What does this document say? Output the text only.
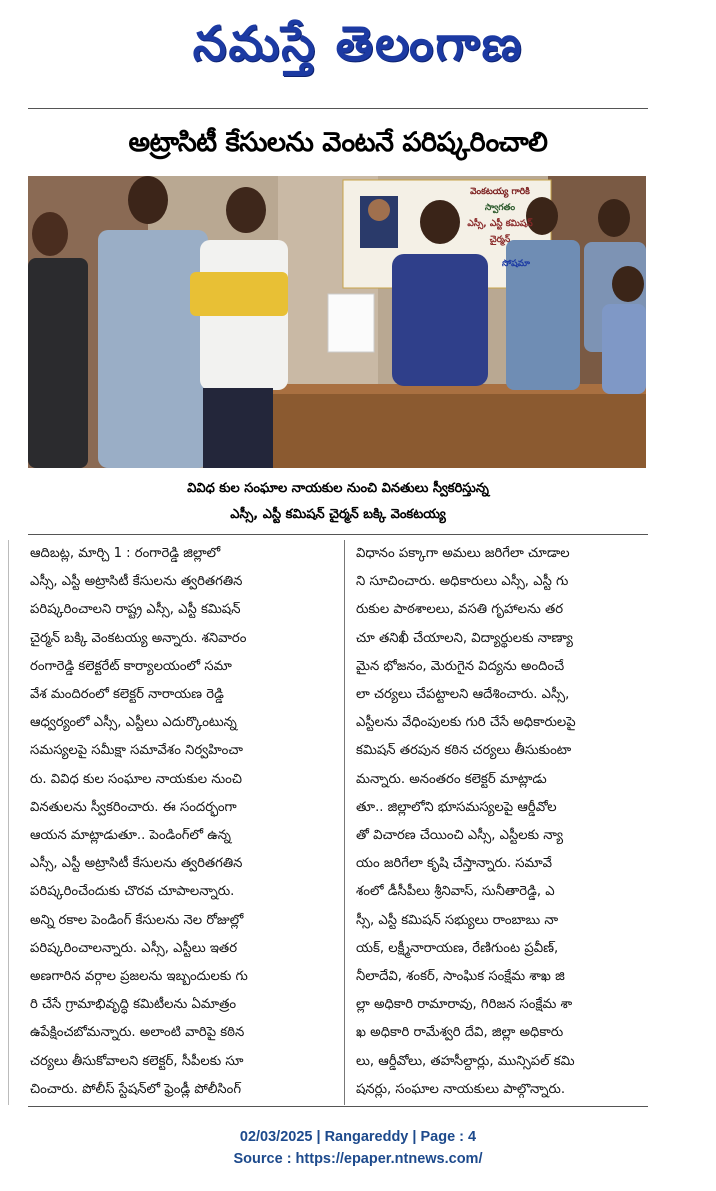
నమస్తే తెలంగాణ
అట్రాసిటీ కేసులను వెంటనే పరిష్కరించాలి
వెంకటయ్య గారికి
స్వాగతం
ఎస్సీ, ఎస్టీ కమిషన్
చైర్మన్
సోషమా
వివిధ కుల సంఘాల నాయకుల నుంచి వినతులు స్వీకరిస్తున్న
ఎస్సీ, ఎస్టీ కమిషన్ చైర్మన్ బక్కి వెంకటయ్య
ఆదిబట్ల, మార్చి 1 : రంగారెడ్డి జిల్లాలో
ఎస్సీ, ఎస్టీ అట్రాసిటీ కేసులను త్వరితగతిన
పరిష్కరించాలని రాష్ట్ర ఎస్సీ, ఎస్టీ కమిషన్
చైర్మన్ బక్కి వెంకటయ్య అన్నారు. శనివారం
రంగారెడ్డి కలెక్టరేట్ కార్యాలయంలో సమా
వేశ మందిరంలో కలెక్టర్ నారాయణ రెడ్డి
ఆధ్వర్యంలో ఎస్సీ, ఎస్టీలు ఎదుర్కొంటున్న
సమస్యలపై సమీక్షా సమావేశం నిర్వహించా
రు. వివిధ కుల సంఘాల నాయకుల నుంచి
వినతులను స్వీకరించారు. ఈ సందర్భంగా
ఆయన మాట్లాడుతూ.. పెండింగ్‌లో ఉన్న
ఎస్సీ, ఎస్టీ అట్రాసిటీ కేసులను త్వరితగతిన
పరిష్కరించేందుకు చొరవ చూపాలన్నారు.
అన్ని రకాల పెండింగ్ కేసులను నెల రోజుల్లో
పరిష్కరించాలన్నారు. ఎస్సీ, ఎస్టీలు ఇతర
అణగారిన వర్గాల ప్రజలను ఇబ్బందులకు గు
రి చేసే గ్రామాభివృద్ధి కమిటీలను ఏమాత్రం
ఉపేక్షించబోమన్నారు. అలాంటి వారిపై కఠిన
చర్యలు తీసుకోవాలని కలెక్టర్, సీపీలకు సూ
చించారు. పోలీస్ స్టేషన్‌లో ఫ్రెండ్లీ పోలీసింగ్
విధానం పక్కాగా అమలు జరిగేలా చూడాల
ని సూచించారు. అధికారులు ఎస్సీ, ఎస్టీ గు
రుకుల పాఠశాలలు, వసతి గృహాలను తర
చూ తనిఖీ చేయాలని, విద్యార్థులకు నాణ్యా
మైన భోజనం, మెరుగైన విద్యను అందించే
లా చర్యలు చేపట్టాలని ఆదేశించారు. ఎస్సీ,
ఎస్టీలను వేధింపులకు గురి చేసే అధికారులపై
కమిషన్ తరపున కఠిన చర్యలు తీసుకుంటా
మన్నారు. అనంతరం కలెక్టర్ మాట్లాడు
తూ.. జిల్లాలోని భూసమస్యలపై ఆర్డీవోల
తో విచారణ చేయించి ఎస్సీ, ఎస్టీలకు న్యా
యం జరిగేలా కృషి చేస్తాన్నారు. సమావే
శంలో డీసీపీలు శ్రీనివాస్, సునీతారెడ్డి, ఎ
స్సీ, ఎస్టీ కమిషన్ సభ్యులు రాంబాబు నా
యక్, లక్ష్మీనారాయణ, రేణిగుంట ప్రవీణ్,
నీలాదేవి, శంకర్, సాంఘిక సంక్షేమ శాఖ జి
ల్లా అధికారి రామారావు, గిరిజన సంక్షేమ శా
ఖ అధికారి రామేశ్వరి దేవి, జిల్లా అధికారు
లు, ఆర్డీవోలు, తహసీల్దార్లు, మున్సిపల్ కమి
షనర్లు, సంఘాల నాయకులు పాల్గొన్నారు.
02/03/2025 | Rangareddy | Page : 4
Source : https://epaper.ntnews.com/
